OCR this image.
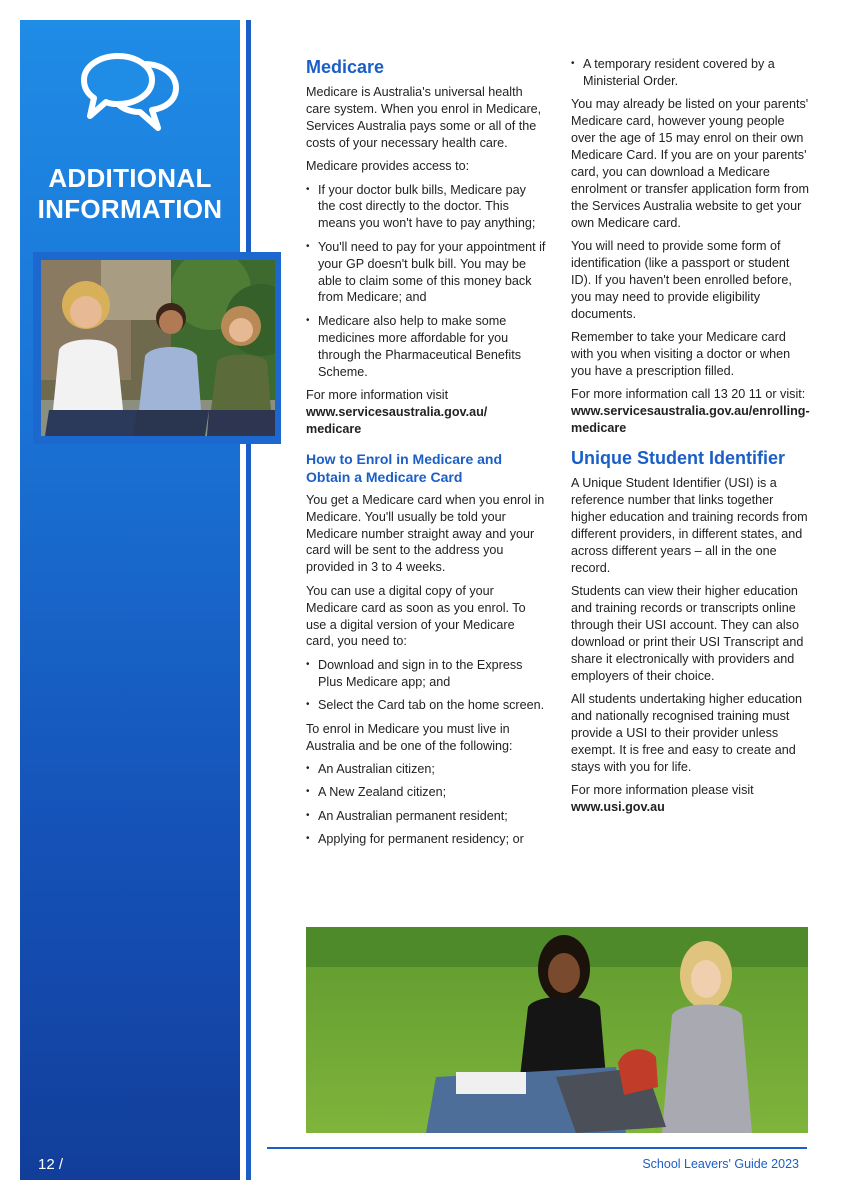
ADDITIONAL
INFORMATION
12 /
Medicare

Medicare is Australia's universal health care system. When you enrol in Medicare, Services Australia pays some or all of the costs of your necessary health care.

Medicare provides access to:

• If your doctor bulk bills, Medicare pay the cost directly to the doctor. This means you won't have to pay anything;
• You'll need to pay for your appointment if your GP doesn't bulk bill. You may be able to claim some of this money back from Medicare; and
• Medicare also help to make some medicines more affordable for you through the Pharmaceutical Benefits Scheme.

For more information visit
www.servicesaustralia.gov.au/ medicare

How to Enrol in Medicare and Obtain a Medicare Card

You get a Medicare card when you enrol in Medicare. You'll usually be told your Medicare number straight away and your card will be sent to the address you provided in 3 to 4 weeks.

You can use a digital copy of your Medicare card as soon as you enrol. To use a digital version of your Medicare card, you need to:

• Download and sign in to the Express Plus Medicare app; and
• Select the Card tab on the home screen.

To enrol in Medicare you must live in Australia and be one of the following:

• An Australian citizen;
• A New Zealand citizen;
• An Australian permanent resident;
• Applying for permanent residency; or
• A temporary resident covered by a Ministerial Order.

You may already be listed on your parents' Medicare card, however young people over the age of 15 may enrol on their own Medicare Card. If you are on your parents' card, you can download a Medicare enrolment or transfer application form from the Services Australia website to get your own Medicare card.

You will need to provide some form of identification (like a passport or student ID). If you haven't been enrolled before, you may need to provide eligibility documents.

Remember to take your Medicare card with you when visiting a doctor or when you have a prescription filled.

For more information call 13 20 11 or visit:
www.servicesaustralia.gov.au/enrolling-medicare

Unique Student Identifier

A Unique Student Identifier (USI) is a reference number that links together higher education and training records from different providers, in different states, and across different years – all in the one record.

Students can view their higher education and training records or transcripts online through their USI account. They can also download or print their USI Transcript and share it electronically with providers and employers of their choice.

All students undertaking higher education and nationally recognised training must provide a USI to their provider unless exempt. It is free and easy to create and stays with you for life.

For more information please visit
www.usi.gov.au

School Leavers' Guide 2023
